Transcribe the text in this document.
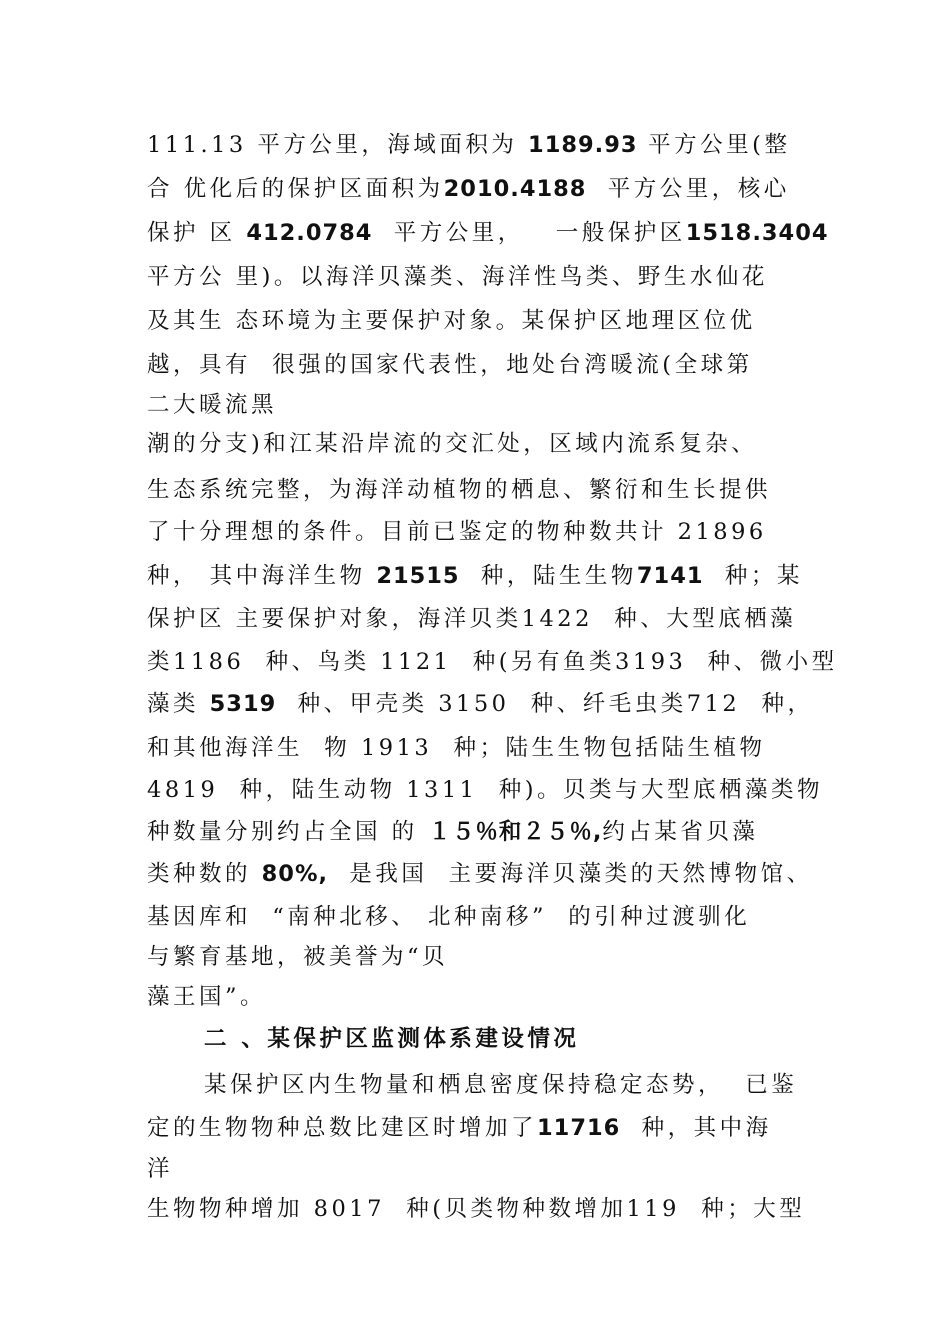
111.13 平方公里，海域面积为 1189.93 平方公里(整
合 优化后的保护区面积为2010.4188  平方公里，核心
保护 区 412.0784  平方公里，   一般保护区1518.3404
平方公 里)。以海洋贝藻类、海洋性鸟类、野生水仙花
及其生 态环境为主要保护对象。某保护区地理区位优
越，具有  很强的国家代表性，地处台湾暖流(全球第
二大暖流黑
潮的分支)和江某沿岸流的交汇处，区域内流系复杂、
生态系统完整，为海洋动植物的栖息、繁衍和生长提供
了十分理想的条件。目前已鉴定的物种数共计 21896
种， 其中海洋生物 21515  种，陆生生物7141  种；某
保护区 主要保护对象，海洋贝类1422  种、大型底栖藻
类1186  种、鸟类 1121  种(另有鱼类3193  种、微小型
藻类 5319  种、甲壳类 3150  种、纤毛虫类712  种，
和其他海洋生  物 1913  种；陆生生物包括陆生植物
4819  种，陆生动物 1311  种)。贝类与大型底栖藻类物
种数量分别约占全国 的 １５％和２５％,约占某省贝藻
类种数的 80%,  是我国  主要海洋贝藻类的天然博物馆、
基因库和  “南种北移、 北种南移”  的引种过渡驯化
与繁育基地，被美誉为“贝
藻王国”。
二 、某保护区监测体系建设情况
某保护区内生物量和栖息密度保持稳定态势，  已鉴
定的生物物种总数比建区时增加了11716  种，其中海
洋
生物物种增加 8017  种(贝类物种数增加119  种；大型
